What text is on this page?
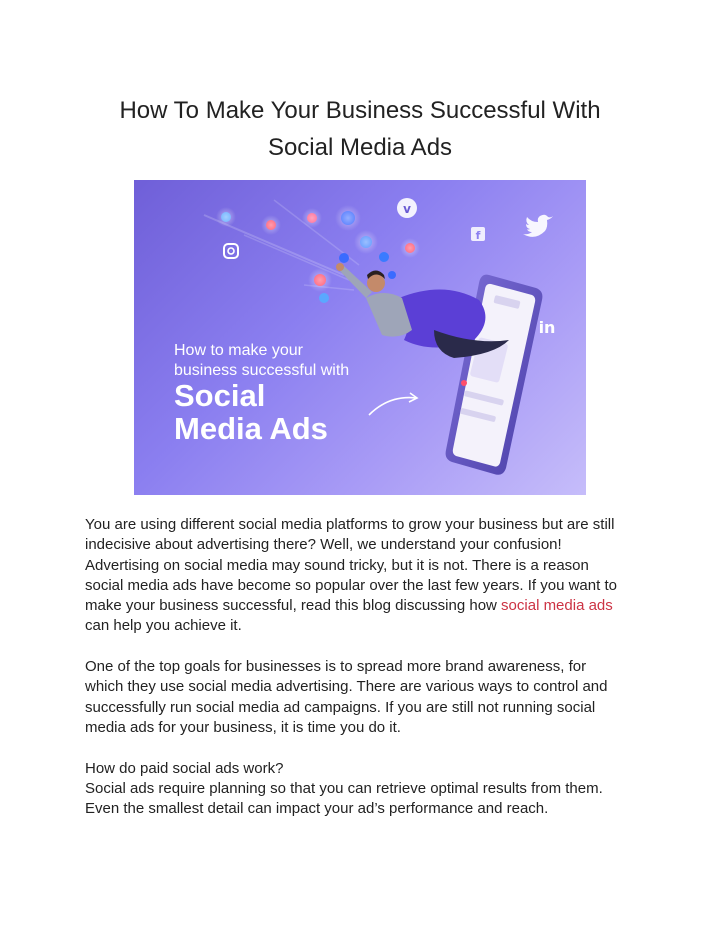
How To Make Your Business Successful With
Social Media Ads
v
f
in
How to make your
business successful with
Social
Media Ads

You are using different social media platforms to grow your business but are still
indecisive about advertising there? Well, we understand your confusion!
Advertising on social media may sound tricky, but it is not. There is a reason
social media ads have become so popular over the last few years. If you want to
make your business successful, read this blog discussing how social media ads
can help you achieve it.

One of the top goals for businesses is to spread more brand awareness, for
which they use social media advertising. There are various ways to control and
successfully run social media ad campaigns. If you are still not running social
media ads for your business, it is time you do it.

How do paid social ads work?
Social ads require planning so that you can retrieve optimal results from them.
Even the smallest detail can impact your ad’s performance and reach.
